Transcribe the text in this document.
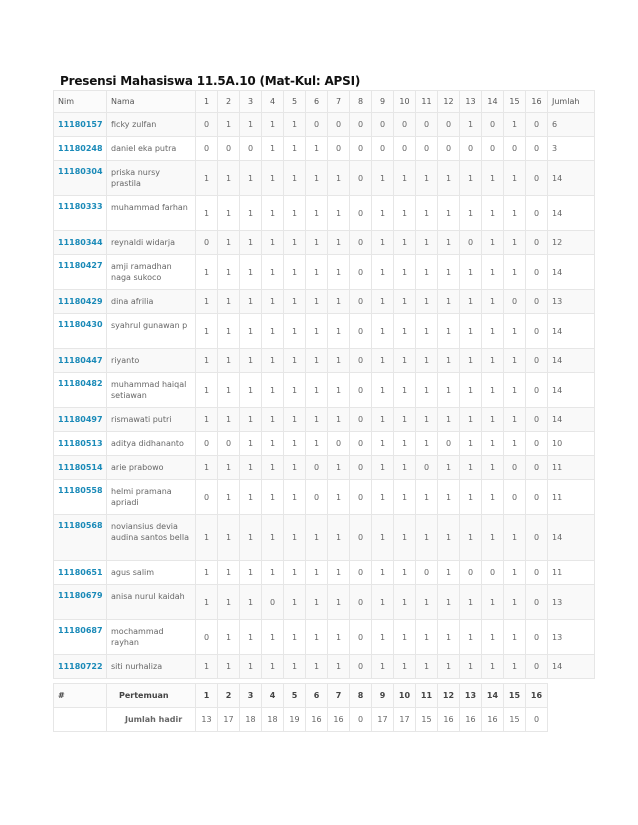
Presensi Mahasiswa 11.5A.10 (Mat-Kul: APSI)
Nim	Nama	1	2	3	4	5	6	7	8	9	10	11	12	13	14	15	16	Jumlah
11180157	ficky zulfan	0	1	1	1	1	0	0	0	0	0	0	0	1	0	1	0	6
11180248	daniel eka putra	0	0	0	1	1	1	0	0	0	0	0	0	0	0	0	0	3
11180304	priska nursy prastila	1	1	1	1	1	1	1	0	1	1	1	1	1	1	1	0	14
11180333	muhammad farhan	1	1	1	1	1	1	1	0	1	1	1	1	1	1	1	0	14
11180344	reynaldi widarja	0	1	1	1	1	1	1	0	1	1	1	1	0	1	1	0	12
11180427	amji ramadhan naga sukoco	1	1	1	1	1	1	1	0	1	1	1	1	1	1	1	0	14
11180429	dina afrilia	1	1	1	1	1	1	1	0	1	1	1	1	1	1	0	0	13
11180430	syahrul gunawan p	1	1	1	1	1	1	1	0	1	1	1	1	1	1	1	0	14
11180447	riyanto	1	1	1	1	1	1	1	0	1	1	1	1	1	1	1	0	14
11180482	muhammad haiqal setiawan	1	1	1	1	1	1	1	0	1	1	1	1	1	1	1	0	14
11180497	rismawati putri	1	1	1	1	1	1	1	0	1	1	1	1	1	1	1	0	14
11180513	aditya didhananto	0	0	1	1	1	1	0	0	1	1	1	0	1	1	1	0	10
11180514	arie prabowo	1	1	1	1	1	0	1	0	1	1	0	1	1	1	0	0	11
11180558	helmi pramana apriadi	0	1	1	1	1	0	1	0	1	1	1	1	1	1	0	0	11
11180568	noviansius devia audina santos bella	1	1	1	1	1	1	1	0	1	1	1	1	1	1	1	0	14
11180651	agus salim	1	1	1	1	1	1	1	0	1	1	0	1	0	0	1	0	11
11180679	anisa nurul kaidah	1	1	1	0	1	1	1	0	1	1	1	1	1	1	1	0	13
11180687	mochammad rayhan	0	1	1	1	1	1	1	0	1	1	1	1	1	1	1	0	13
11180722	siti nurhaliza	1	1	1	1	1	1	1	0	1	1	1	1	1	1	1	0	14
#	Pertemuan	1	2	3	4	5	6	7	8	9	10	11	12	13	14	15	16	
	Jumlah hadir	13	17	18	18	19	16	16	0	17	17	15	16	16	16	15	0	
